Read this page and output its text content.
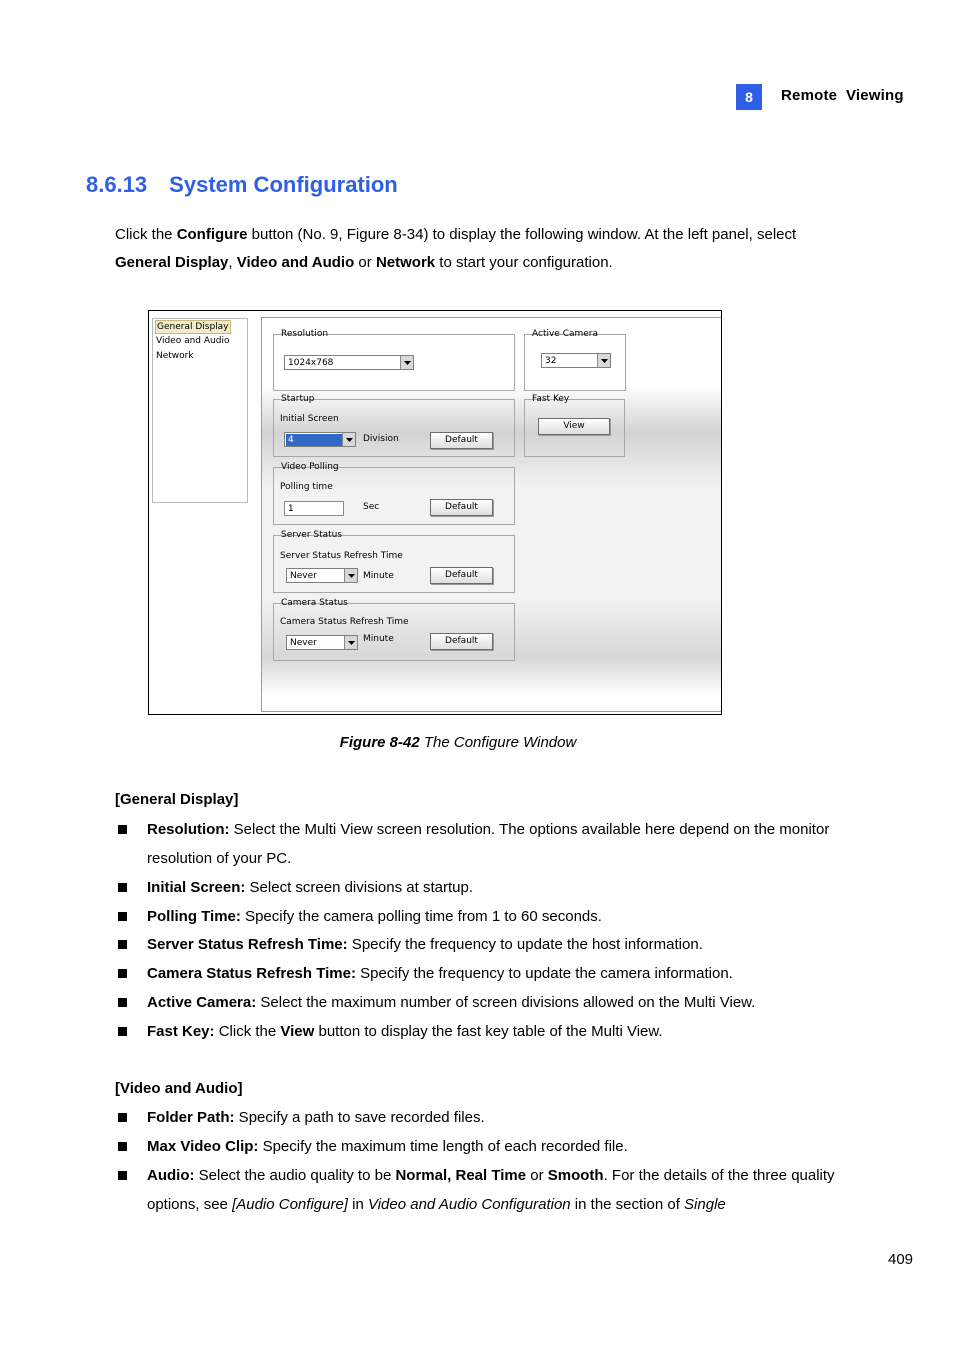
8	Remote  Viewing
8.6.13 System Configuration
Click the Configure button (No. 9, Figure 8-34) to display the following window. At the left panel, select
General Display, Video and Audio or Network to start your configuration.
General Display
Video and Audio
Network
Resolution
1024x768
Active Camera
32
Startup
Initial Screen
4	Division	Default
Fast Key
View
Video Polling
Polling time
1	Sec	Default
Server Status
Server Status Refresh Time
Never	Minute	Default
Camera Status
Camera Status Refresh Time
Never	Minute	Default
Figure 8-42 The Configure Window
[General Display]
Resolution: Select the Multi View screen resolution. The options available here depend on the monitor resolution of your PC.
Initial Screen: Select screen divisions at startup.
Polling Time: Specify the camera polling time from 1 to 60 seconds.
Server Status Refresh Time: Specify the frequency to update the host information.
Camera Status Refresh Time: Specify the frequency to update the camera information.
Active Camera: Select the maximum number of screen divisions allowed on the Multi View.
Fast Key: Click the View button to display the fast key table of the Multi View.
[Video and Audio]
Folder Path: Specify a path to save recorded files.
Max Video Clip: Specify the maximum time length of each recorded file.
Audio: Select the audio quality to be Normal, Real Time or Smooth. For the details of the three quality options, see [Audio Configure] in Video and Audio Configuration in the section of Single
409
